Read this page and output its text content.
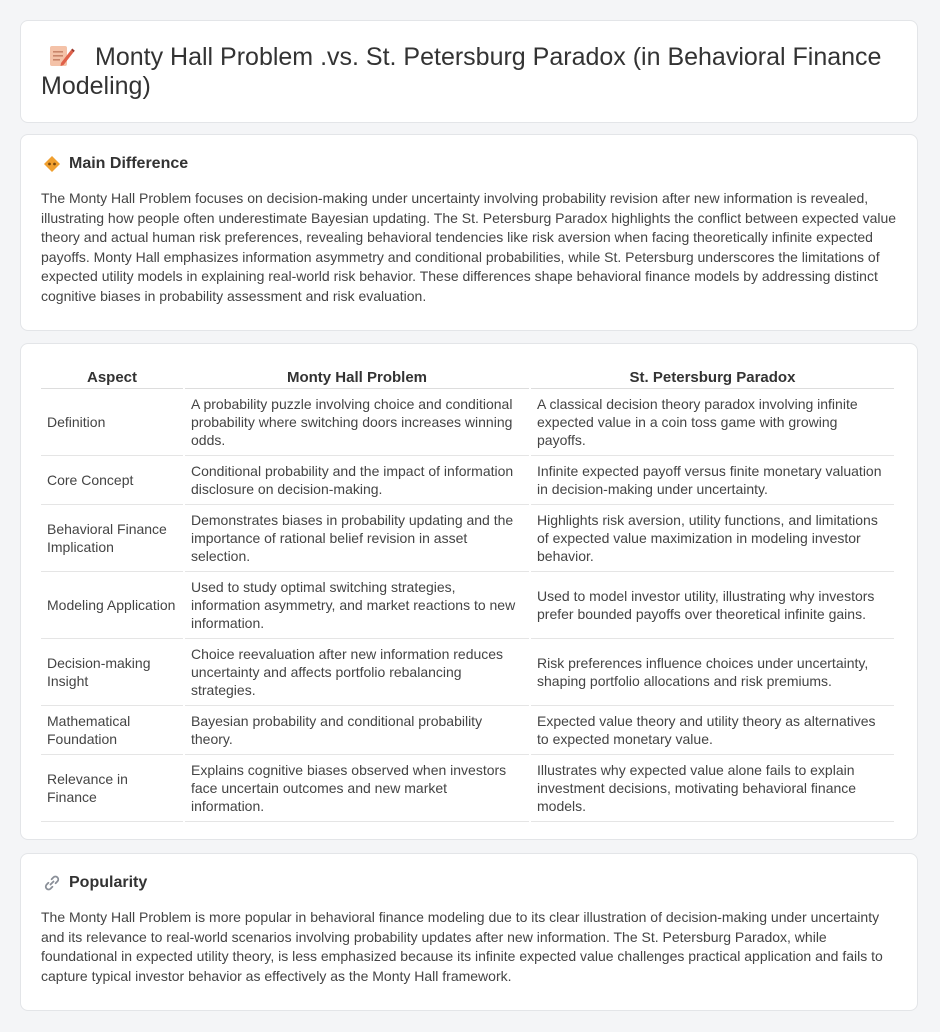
Monty Hall Problem .vs. St. Petersburg Paradox (in Behavioral Finance Modeling)
Main Difference
The Monty Hall Problem focuses on decision-making under uncertainty involving probability revision after new information is revealed, illustrating how people often underestimate Bayesian updating. The St. Petersburg Paradox highlights the conflict between expected value theory and actual human risk preferences, revealing behavioral tendencies like risk aversion when facing theoretically infinite expected payoffs. Monty Hall emphasizes information asymmetry and conditional probabilities, while St. Petersburg underscores the limitations of expected utility models in explaining real-world risk behavior. These differences shape behavioral finance models by addressing distinct cognitive biases in probability assessment and risk evaluation.
Aspect	Monty Hall Problem	St. Petersburg Paradox
Definition	A probability puzzle involving choice and conditional probability where switching doors increases winning odds.	A classical decision theory paradox involving infinite expected value in a coin toss game with growing payoffs.
Core Concept	Conditional probability and the impact of information disclosure on decision-making.	Infinite expected payoff versus finite monetary valuation in decision-making under uncertainty.
Behavioral Finance Implication	Demonstrates biases in probability updating and the importance of rational belief revision in asset selection.	Highlights risk aversion, utility functions, and limitations of expected value maximization in modeling investor behavior.
Modeling Application	Used to study optimal switching strategies, information asymmetry, and market reactions to new information.	Used to model investor utility, illustrating why investors prefer bounded payoffs over theoretical infinite gains.
Decision-making Insight	Choice reevaluation after new information reduces uncertainty and affects portfolio rebalancing strategies.	Risk preferences influence choices under uncertainty, shaping portfolio allocations and risk premiums.
Mathematical Foundation	Bayesian probability and conditional probability theory.	Expected value theory and utility theory as alternatives to expected monetary value.
Relevance in Finance	Explains cognitive biases observed when investors face uncertain outcomes and new market information.	Illustrates why expected value alone fails to explain investment decisions, motivating behavioral finance models.
Popularity
The Monty Hall Problem is more popular in behavioral finance modeling due to its clear illustration of decision-making under uncertainty and its relevance to real-world scenarios involving probability updates after new information. The St. Petersburg Paradox, while foundational in expected utility theory, is less emphasized because its infinite expected value challenges practical application and fails to capture typical investor behavior as effectively as the Monty Hall framework.
